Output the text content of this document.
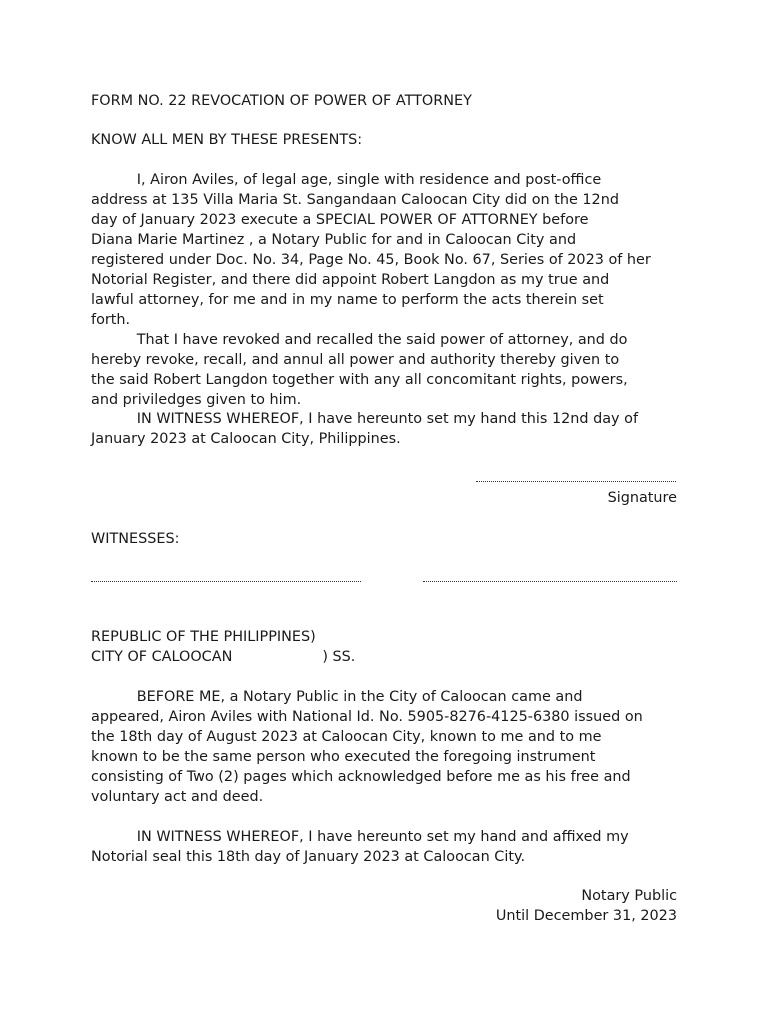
FORM NO. 22 REVOCATION OF POWER OF ATTORNEY
KNOW ALL MEN BY THESE PRESENTS:
I, Airon Aviles, of legal age, single with residence and post-office
address at 135 Villa Maria St. Sangandaan Caloocan City did on the 12nd
day of January 2023 execute a SPECIAL POWER OF ATTORNEY before
Diana Marie Martinez , a Notary Public for and in Caloocan City and
registered under Doc. No. 34, Page No. 45, Book No. 67, Series of 2023 of her
Notorial Register, and there did appoint Robert Langdon as my true and
lawful attorney, for me and in my name to perform the acts therein set
forth.
That I have revoked and recalled the said power of attorney, and do
hereby revoke, recall, and annul all power and authority thereby given to
the said Robert Langdon together with any all concomitant rights, powers,
and priviledges given to him.
IN WITNESS WHEREOF, I have hereunto set my hand this 12nd day of
January 2023 at Caloocan City, Philippines.
Signature
WITNESSES:
REPUBLIC OF THE PHILIPPINES)
CITY OF CALOOCAN	) SS.
BEFORE ME, a Notary Public in the City of Caloocan came and
appeared, Airon Aviles with National Id. No. 5905-8276-4125-6380 issued on
the 18th day of August 2023 at Caloocan City, known to me and to me
known to be the same person who executed the foregoing instrument
consisting of Two (2) pages which acknowledged before me as his free and
voluntary act and deed.
IN WITNESS WHEREOF, I have hereunto set my hand and affixed my
Notorial seal this 18th day of January 2023 at Caloocan City.
Notary Public
Until December 31, 2023
